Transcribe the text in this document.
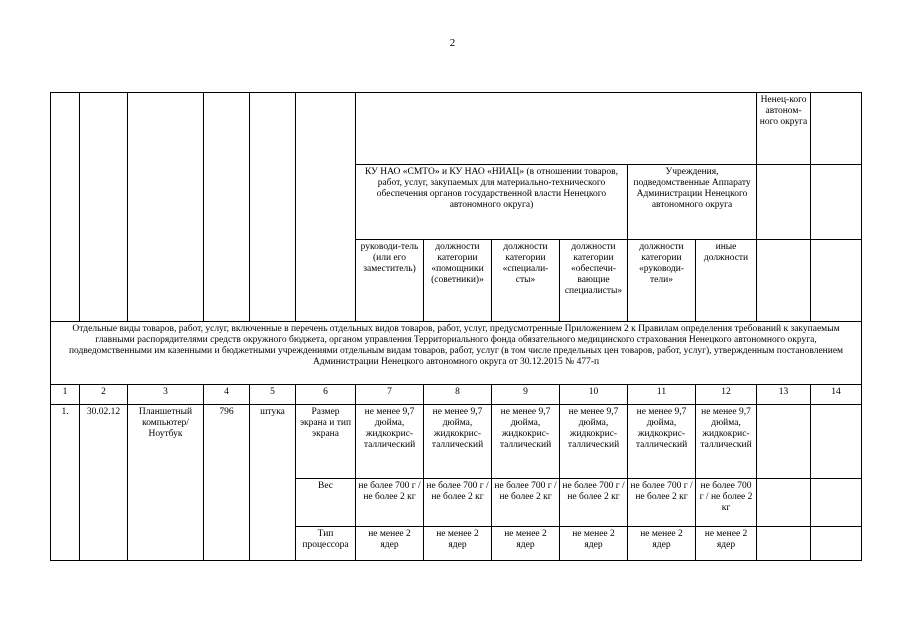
2
												Ненец-кого автоном-ного округа	
						КУ НАО «СМТО» и КУ НАО «НИАЦ» (в отношении товаров, работ, услуг, закупаемых для материально-технического обеспечения органов государственной власти Ненецкого автономного округа)				Учреждения, подведомственные Аппарату Администрации Ненецкого автономного округа			
						руководи-тель (или его заместитель)	должности категории «помощники (советники)»	должности категории «специали-сты»	должности категории «обеспечи-вающие специалисты»	должности категории «руководи-тели»	иные должности		
Отдельные виды товаров, работ, услуг, включенные в перечень отдельных видов товаров, работ, услуг, предусмотренные Приложением 2 к Правилам определения требований к закупаемым главными распорядителями средств окружного бюджета, органом управления Территориального фонда обязательного медицинского страхования Ненецкого автономного округа, подведомственными им казенными и бюджетными учреждениями отдельным видам товаров, работ, услуг (в том числе предельных цен товаров, работ, услуг), утвержденным постановлением Администрации Ненецкого автономного округа от 30.12.2015 № 477-п													
1	2	3	4	5	6	7	8	9	10	11	12	13	14
1.	30.02.12	Планшетный компьютер/ Ноутбук	796	штука	Размер экрана и тип экрана	не менее 9,7 дюйма, жидкокрис-таллический	не менее 9,7 дюйма, жидкокрис-таллический	не менее 9,7 дюйма, жидкокрис-таллический	не менее 9,7 дюйма, жидкокрис-таллический	не менее 9,7 дюйма, жидкокрис-таллический	не менее 9,7 дюйма, жидкокрис-таллический		
					Вес	не более 700 г / не более 2 кг	не более 700 г / не более 2 кг	не более 700 г / не более 2 кг	не более 700 г / не более 2 кг	не более 700 г / не более 2 кг	не более 700 г / не более 2 кг		
					Тип процессора	не менее 2 ядер	не менее 2 ядер	не менее 2 ядер	не менее 2 ядер	не менее 2 ядер	не менее 2 ядер		
